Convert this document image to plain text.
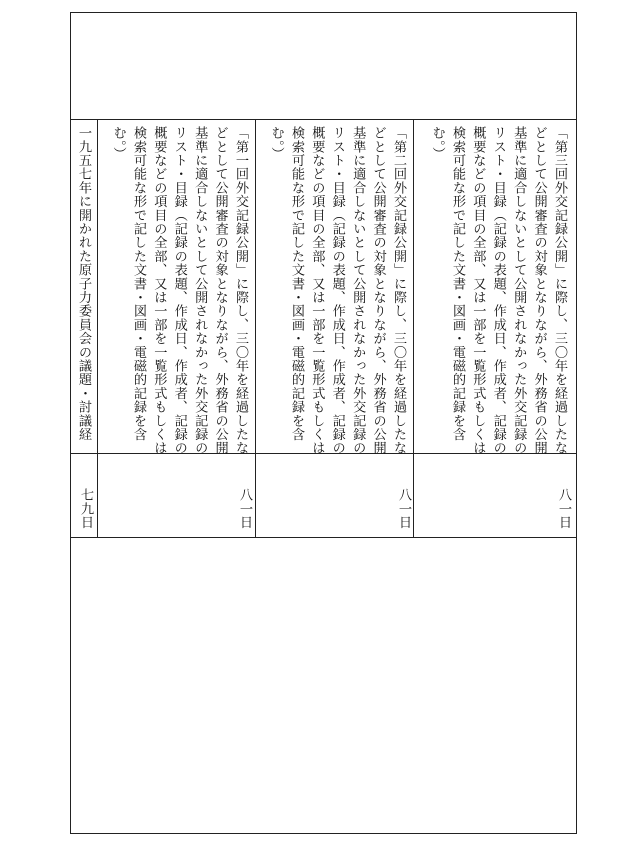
「第三回外交記録公開」に際し、三〇年を経過したな
どとして公開審査の対象となりながら、外務省の公開
基準に適合しないとして公開されなかった外交記録の
リスト・目録（記録の表題、作成日、作成者、記録の
概要などの項目の全部、又は一部を一覧形式もしくは
検索可能な形で記した文書・図画・電磁的記録を含
む。）
八一日
「第二回外交記録公開」に際し、三〇年を経過したな
どとして公開審査の対象となりながら、外務省の公開
基準に適合しないとして公開されなかった外交記録の
リスト・目録（記録の表題、作成日、作成者、記録の
概要などの項目の全部、又は一部を一覧形式もしくは
検索可能な形で記した文書・図画・電磁的記録を含
む。）
八一日
「第一回外交記録公開」に際し、三〇年を経過したな
どとして公開審査の対象となりながら、外務省の公開
基準に適合しないとして公開されなかった外交記録の
リスト・目録（記録の表題、作成日、作成者、記録の
概要などの項目の全部、又は一部を一覧形式もしくは
検索可能な形で記した文書・図画・電磁的記録を含
む。）
八一日
一九五七年に開かれた原子力委員会の議題・討議経
七九日
